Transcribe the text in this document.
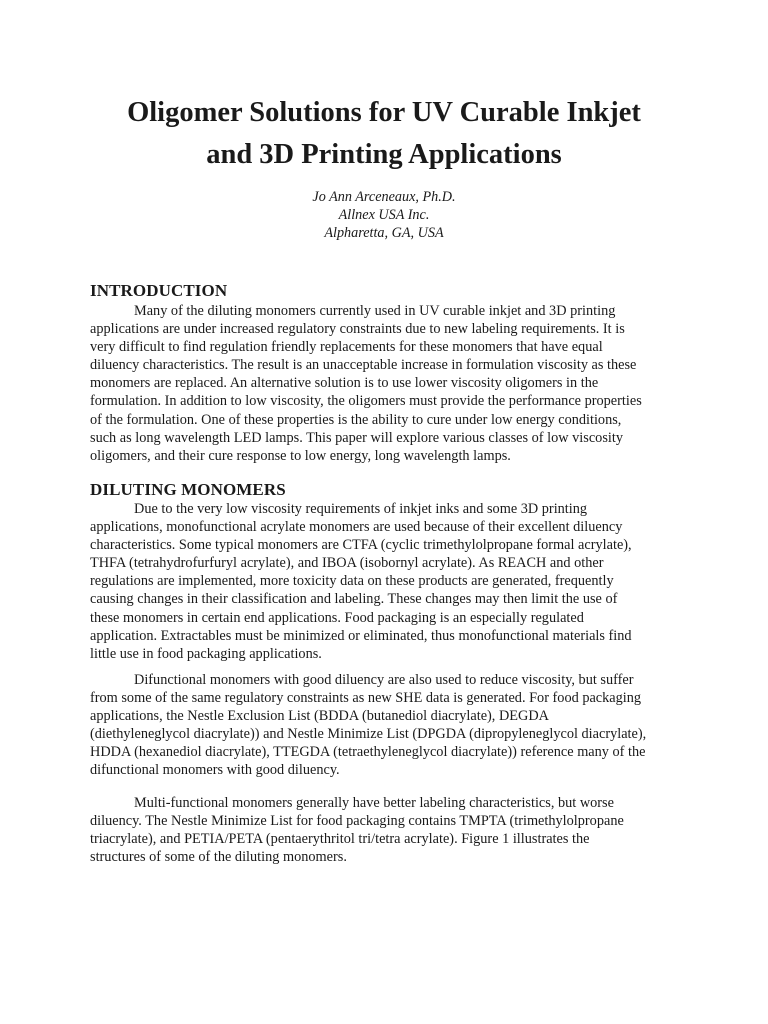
Oligomer Solutions for UV Curable Inkjet
and 3D Printing Applications
Jo Ann Arceneaux, Ph.D.
Allnex USA Inc.
Alpharetta, GA, USA
INTRODUCTION
Many of the diluting monomers currently used in UV curable inkjet and 3D printing
applications are under increased regulatory constraints due to new labeling requirements. It is
very difficult to find regulation friendly replacements for these monomers that have equal
diluency characteristics. The result is an unacceptable increase in formulation viscosity as these
monomers are replaced. An alternative solution is to use lower viscosity oligomers in the
formulation. In addition to low viscosity, the oligomers must provide the performance properties
of the formulation. One of these properties is the ability to cure under low energy conditions,
such as long wavelength LED lamps. This paper will explore various classes of low viscosity
oligomers, and their cure response to low energy, long wavelength lamps.
DILUTING MONOMERS
Due to the very low viscosity requirements of inkjet inks and some 3D printing
applications, monofunctional acrylate monomers are used because of their excellent diluency
characteristics. Some typical monomers are CTFA (cyclic trimethylolpropane formal acrylate),
THFA (tetrahydrofurfuryl acrylate), and IBOA (isobornyl acrylate). As REACH and other
regulations are implemented, more toxicity data on these products are generated, frequently
causing changes in their classification and labeling. These changes may then limit the use of
these monomers in certain end applications. Food packaging is an especially regulated
application. Extractables must be minimized or eliminated, thus monofunctional materials find
little use in food packaging applications.
Difunctional monomers with good diluency are also used to reduce viscosity, but suffer
from some of the same regulatory constraints as new SHE data is generated. For food packaging
applications, the Nestle Exclusion List (BDDA (butanediol diacrylate), DEGDA
(diethyleneglycol diacrylate)) and Nestle Minimize List (DPGDA (dipropyleneglycol diacrylate),
HDDA (hexanediol diacrylate), TTEGDA (tetraethyleneglycol diacrylate)) reference many of the
difunctional monomers with good diluency.
Multi-functional monomers generally have better labeling characteristics, but worse
diluency. The Nestle Minimize List for food packaging contains TMPTA (trimethylolpropane
triacrylate), and PETIA/PETA (pentaerythritol tri/tetra acrylate). Figure 1 illustrates the
structures of some of the diluting monomers.
